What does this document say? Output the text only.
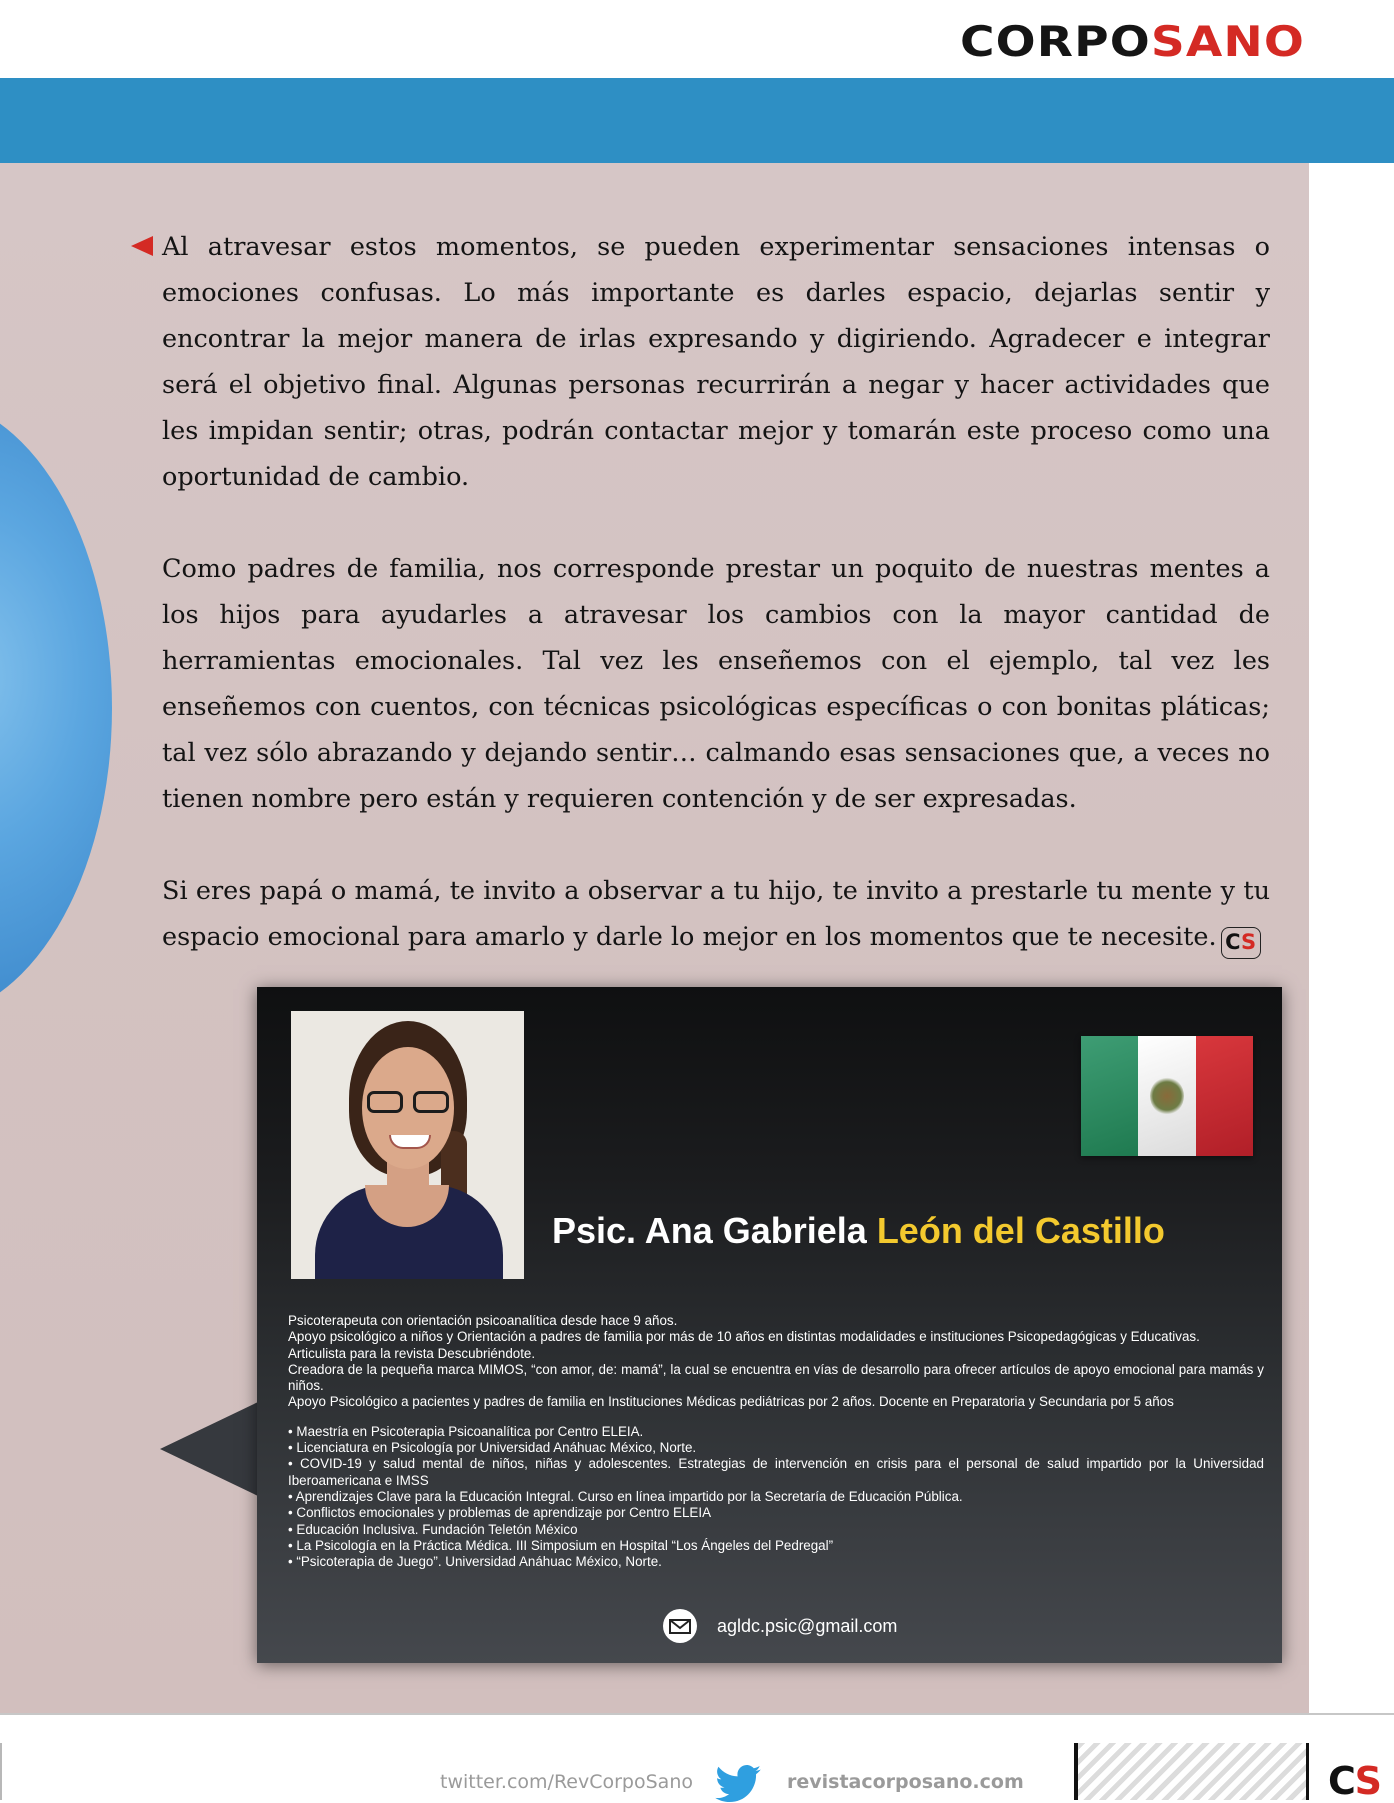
CORPOSANO

Al atravesar estos momentos, se pueden experimentar sensaciones intensas o emociones confusas. Lo más importante es darles espacio, dejarlas sentir y encontrar la mejor manera de irlas expresando y digiriendo. Agradecer e integrar será el objetivo final. Algunas personas recurrirán a negar y hacer actividades que les impidan sentir; otras, podrán contactar mejor y tomarán este proceso como una oportunidad de cambio.

Como padres de familia, nos corresponde prestar un poquito de nuestras mentes a los hijos para ayudarles a atravesar los cambios con la mayor cantidad de herramientas emocionales. Tal vez les enseñemos con el ejemplo, tal vez les enseñemos con cuentos, con técnicas psicológicas específicas o con bonitas pláticas; tal vez sólo abrazando y dejando sentir… calmando esas sensaciones que, a veces no tienen nombre pero están y requieren contención y de ser expresadas.

Si eres papá o mamá, te invito a observar a tu hijo, te invito a prestarle tu mente y tu espacio emocional para amarlo y darle lo mejor en los momentos que te necesite. CS

Psic. Ana Gabriela León del Castillo

Psicoterapeuta con orientación psicoanalítica desde hace 9 años.

Apoyo psicológico a niños y Orientación a padres de familia por más de 10 años en distintas modalidades e instituciones Psicopedagógicas y Educativas.

Articulista para la revista Descubriéndote.

Creadora de la pequeña marca MIMOS, “con amor, de: mamá”, la cual se encuentra en vías de desarrollo para ofrecer artículos de apoyo emocional para mamás y niños.

Apoyo Psicológico a pacientes y padres de familia en Instituciones Médicas pediátricas por 2 años. Docente en Preparatoria y Secundaria por 5 años

• Maestría en Psicoterapia Psicoanalítica por Centro ELEIA.

• Licenciatura en Psicología por Universidad Anáhuac México, Norte.

• COVID-19 y salud mental de niños, niñas y adolescentes. Estrategias de intervención en crisis para el personal de salud impartido por la Universidad Iberoamericana e IMSS

• Aprendizajes Clave para la Educación Integral. Curso en línea impartido por la Secretaría de Educación Pública.

• Conflictos emocionales y problemas de aprendizaje por Centro ELEIA

• Educación Inclusiva. Fundación Teletón México

• La Psicología en la Práctica Médica. III Simposium en Hospital “Los Ángeles del Pedregal”

• “Psicoterapia de Juego”. Universidad Anáhuac México, Norte.

agldc.psic@gmail.com
twitter.com/RevCorpoSano	revistacorposano.com	CS
